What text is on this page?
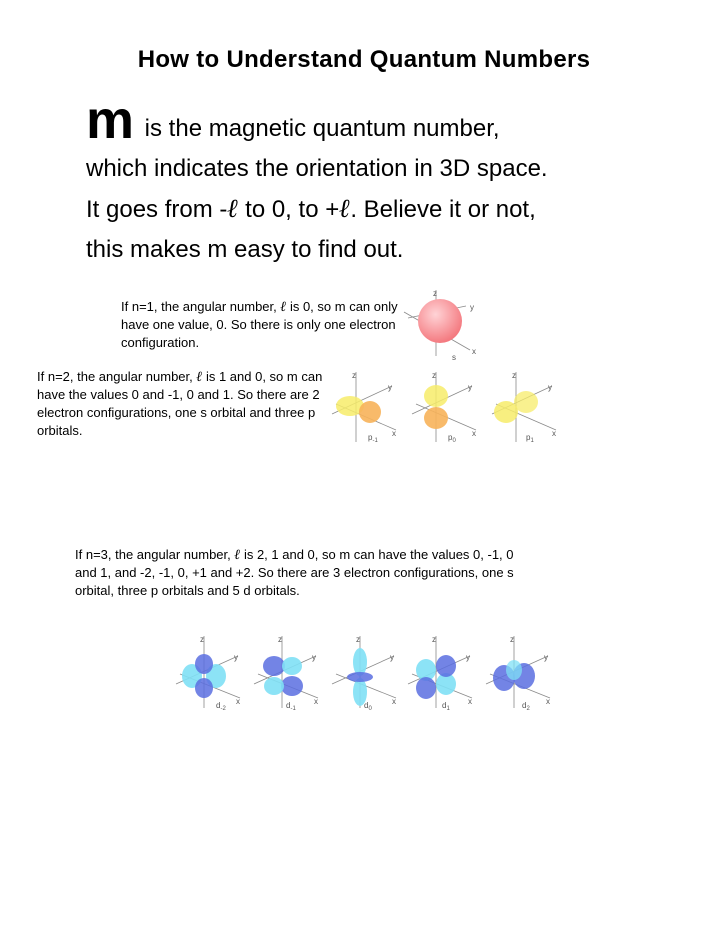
How to Understand Quantum Numbers
m is the magnetic quantum number,
which indicates the orientation in 3D space.
It goes from -ℓ to 0, to +ℓ. Believe it or not,
this makes m easy to find out.
If n=1, the angular number, ℓ is 0, so m can only have one value, 0. So there is only one electron configuration.
If n=2, the angular number, ℓ is 1 and 0, so m can have the values 0 and -1, 0 and 1. So there are 2 electron configurations, one s orbital and three p orbitals.
If n=3, the angular number, ℓ is 2, 1 and 0, so m can have the values 0, -1, 0 and 1, and -2, -1, 0, +1 and +2. So there are 3 electron configurations, one s orbital, three p orbitals and 5 d orbitals.
z
y
x
s
z
y
x
$p_{-1}$
z
y
x
$p_0$
z
y
x
$p_1$
z
y
x
$d_{-2}$
z
y
x
$d_{-1}$
z
y
x
$d_0$
z
y
x
$d_1$
z
y
x
$d_2$
